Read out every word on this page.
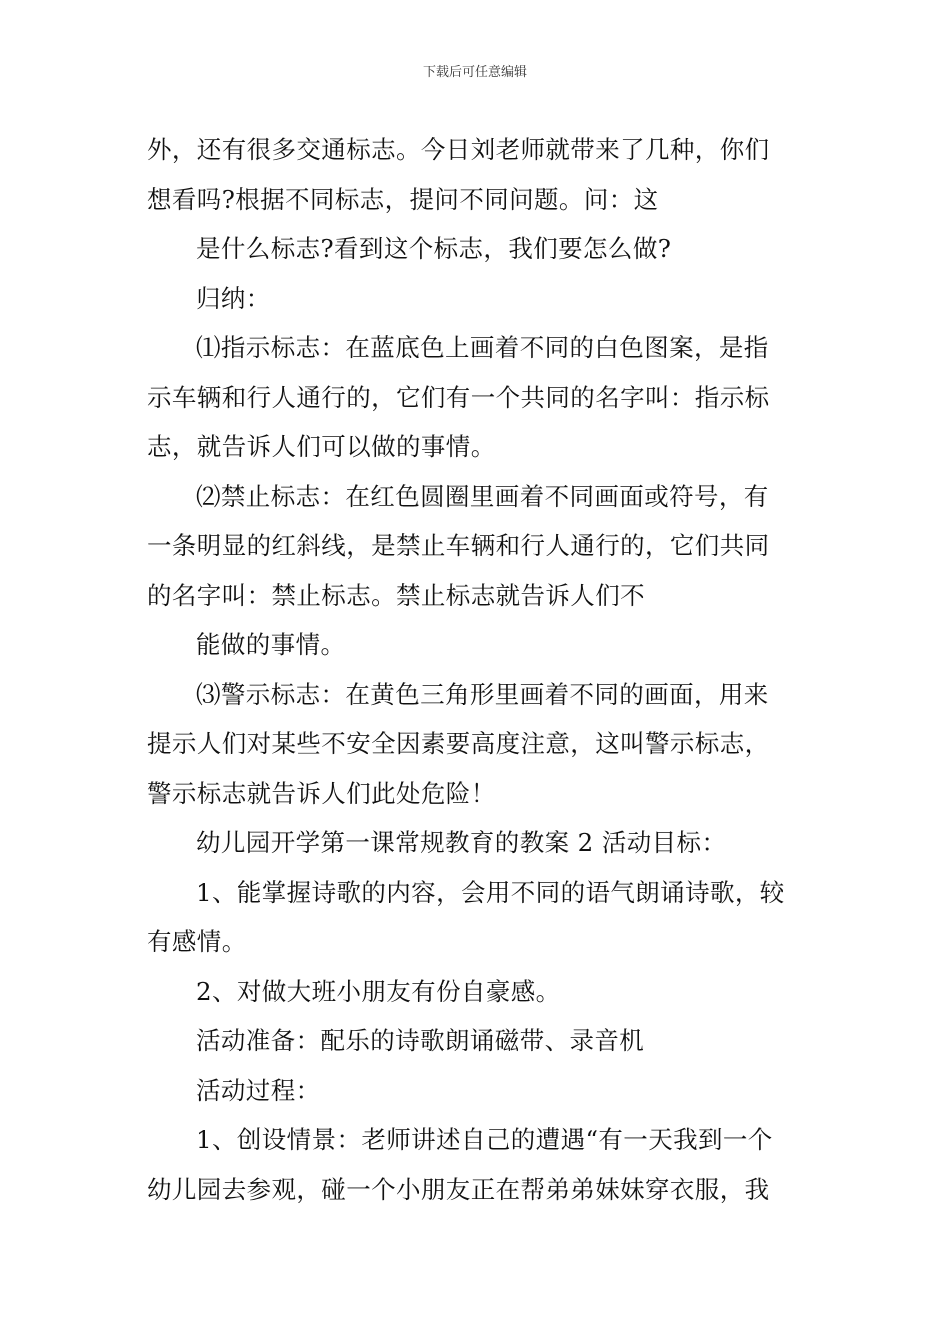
下载后可任意编辑
外，还有很多交通标志。今日刘老师就带来了几种，你们
想看吗?根据不同标志，提问不同问题。问：这
是什么标志?看到这个标志，我们要怎么做?
归纳：
⑴指示标志：在蓝底色上画着不同的白色图案，是指
示车辆和行人通行的，它们有一个共同的名字叫：指示标
志，就告诉人们可以做的事情。
⑵禁止标志：在红色圆圈里画着不同画面或符号，有
一条明显的红斜线，是禁止车辆和行人通行的，它们共同
的名字叫：禁止标志。禁止标志就告诉人们不
能做的事情。
⑶警示标志：在黄色三角形里画着不同的画面，用来
提示人们对某些不安全因素要高度注意，这叫警示标志，
警示标志就告诉人们此处危险！
幼儿园开学第一课常规教育的教案 2 活动目标：
1、能掌握诗歌的内容，会用不同的语气朗诵诗歌，较
有感情。
2、对做大班小朋友有份自豪感。
活动准备：配乐的诗歌朗诵磁带、录音机
活动过程：
1、创设情景：老师讲述自己的遭遇“有一天我到一个
幼儿园去参观，碰一个小朋友正在帮弟弟妹妹穿衣服，我
